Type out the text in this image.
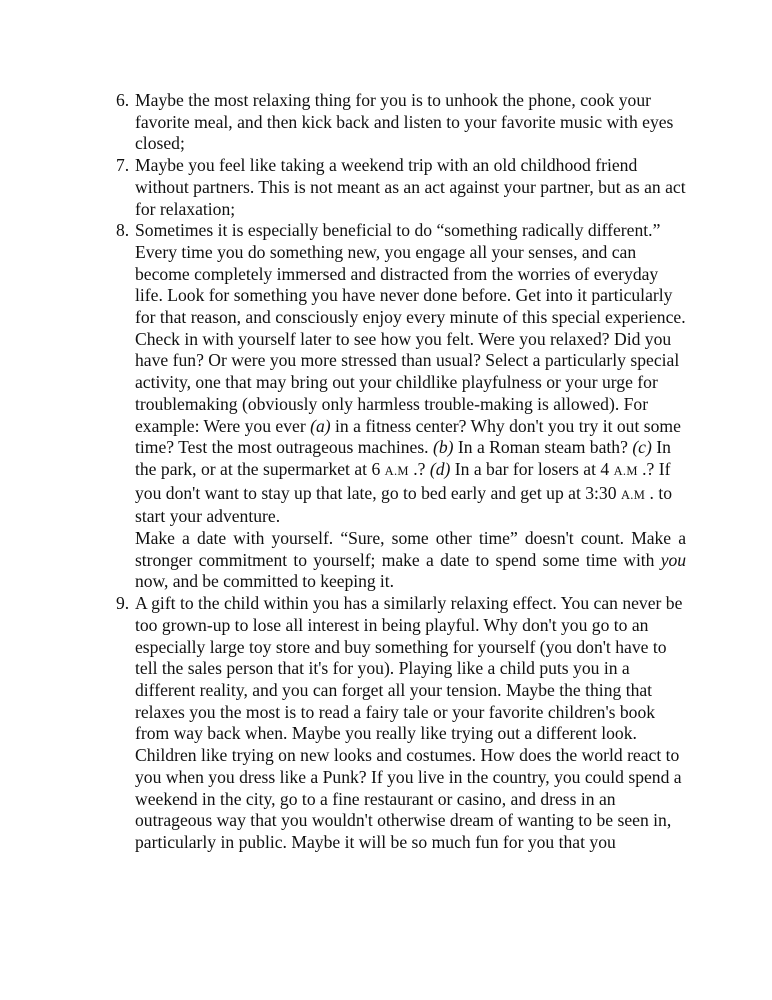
6. Maybe the most relaxing thing for you is to unhook the phone, cook your favorite meal, and then kick back and listen to your favorite music with eyes closed;

7. Maybe you feel like taking a weekend trip with an old childhood friend without partners. This is not meant as an act against your partner, but as an act for relaxation;

8. Sometimes it is especially beneficial to do “something radically different.” Every time you do something new, you engage all your senses, and can become completely immersed and distracted from the worries of everyday life. Look for something you have never done before. Get into it particularly for that reason, and consciously enjoy every minute of this special experience. Check in with yourself later to see how you felt. Were you relaxed? Did you have fun? Or were you more stressed than usual? Select a particularly special activity, one that may bring out your childlike playfulness or your urge for troublemaking (obviously only harmless trouble-making is allowed). For example: Were you ever (a) in a fitness center? Why don't you try it out some time? Test the most outrageous machines. (b) In a Roman steam bath? (c) In the park, or at the supermarket at 6 A.M .? (d) In a bar for losers at 4 A.M .? If you don't want to stay up that late, go to bed early and get up at 3:30 A.M . to start your adventure.

Make a date with yourself. “Sure, some other time” doesn't count. Make a stronger commitment to yourself; make a date to spend some time with you now, and be committed to keeping it.

9. A gift to the child within you has a similarly relaxing effect. You can never be too grown-up to lose all interest in being playful. Why don't you go to an especially large toy store and buy something for yourself (you don't have to tell the sales person that it's for you). Playing like a child puts you in a different reality, and you can forget all your tension. Maybe the thing that relaxes you the most is to read a fairy tale or your favorite children's book from way back when. Maybe you really like trying out a different look. Children like trying on new looks and costumes. How does the world react to you when you dress like a Punk? If you live in the country, you could spend a weekend in the city, go to a fine restaurant or casino, and dress in an outrageous way that you wouldn't otherwise dream of wanting to be seen in, particularly in public. Maybe it will be so much fun for you that you
